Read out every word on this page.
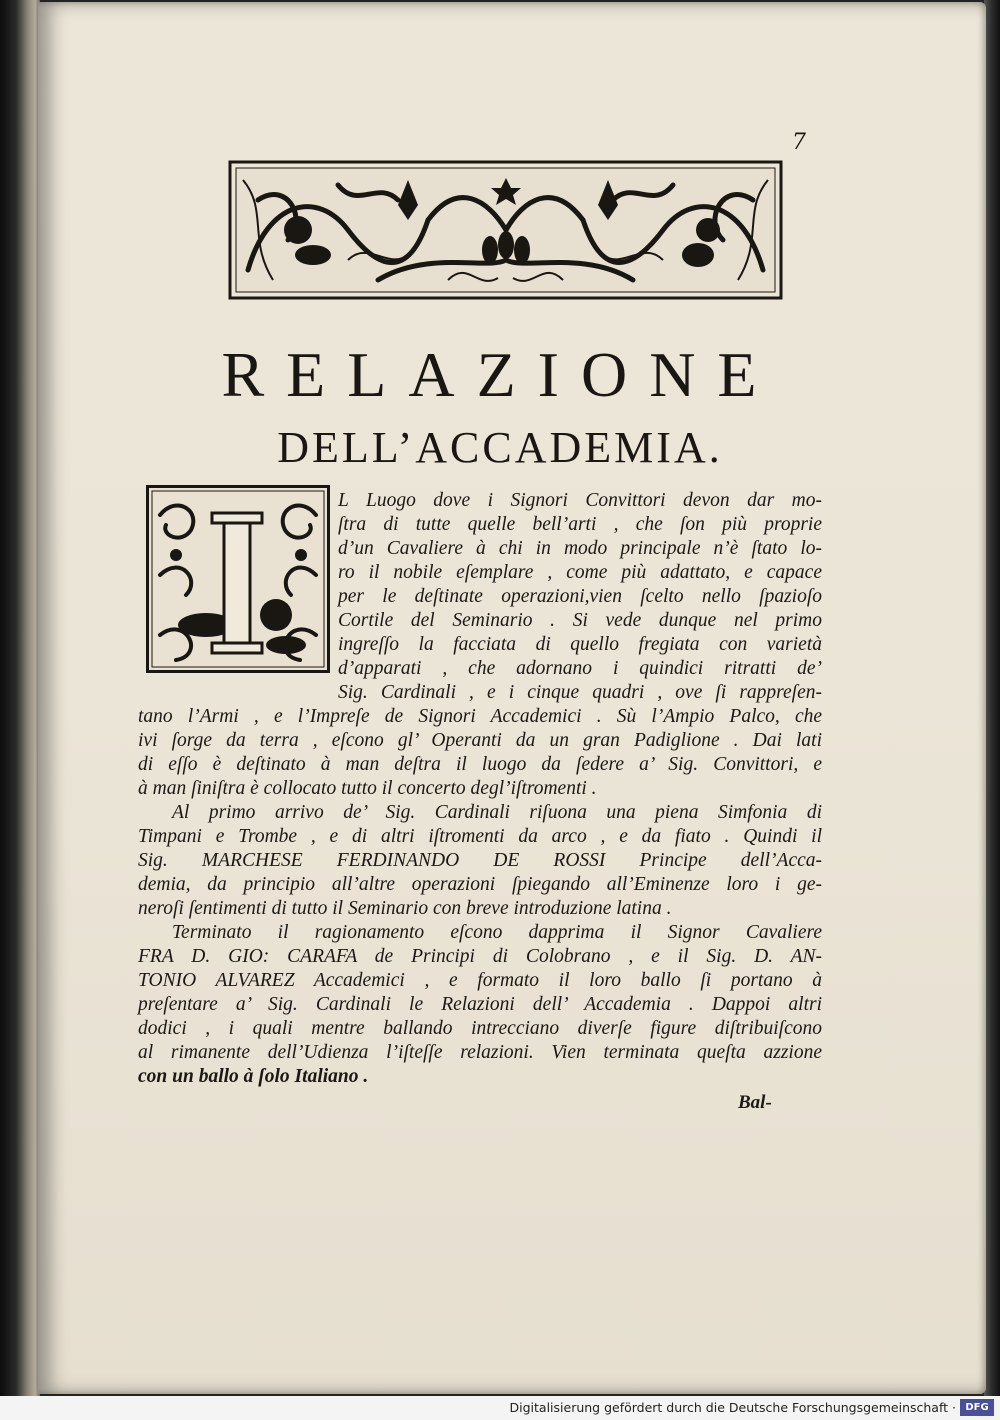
7
RELAZIONE
DELL’ACCADEMIA.
L Luogo dove i Signori Convittori devon dar mo-
ſtra di tutte quelle bell’arti , che ſon più proprie
d’un Cavaliere à chi in modo principale n’è ſtato lo-
ro il nobile eſemplare , come più adattato, e capace
per le deſtinate operazioni,vien ſcelto nello ſpazioſo
Cortile del Seminario . Si vede dunque nel primo
ingreſſo la facciata di quello fregiata con varietà
d’apparati , che adornano i quindici ritratti de’
Sig. Cardinali , e i cinque quadri , ove ſi rappreſen-
tano l’Armi , e l’Impreſe de Signori Accademici . Sù l’Ampio Palco, che
ivi ſorge da terra , eſcono gl’ Operanti da un gran Padiglione . Dai lati
di eſſo è deſtinato à man deſtra il luogo da ſedere a’ Sig. Convittori, e
à man ſiniſtra è collocato tutto il concerto degl’iſtromenti .
Al primo arrivo de’ Sig. Cardinali riſuona una piena Simfonia di
Timpani e Trombe , e di altri iſtromenti da arco , e da fiato . Quindi il
Sig. MARCHESE FERDINANDO DE ROSSI Principe dell’Acca-
demia, da principio all’altre operazioni ſpiegando all’Eminenze loro i ge-
neroſi ſentimenti di tutto il Seminario con breve introduzione latina .
Terminato il ragionamento eſcono dapprima il Signor Cavaliere
FRA D. GIO: CARAFA de Principi di Colobrano , e il Sig. D. AN-
TONIO ALVAREZ Accademici , e formato il loro ballo ſi portano à
preſentare a’ Sig. Cardinali le Relazioni dell’ Accademia . Dappoi altri
dodici , i quali mentre ballando intrecciano diverſe figure diſtribuiſcono
al rimanente dell’Udienza l’iſteſſe relazioni. Vien terminata queſta azzione
con un ballo à ſolo Italiano .
Bal-
Digitalisierung gefördert durch die Deutsche Forschungsgemeinschaft · DFG
